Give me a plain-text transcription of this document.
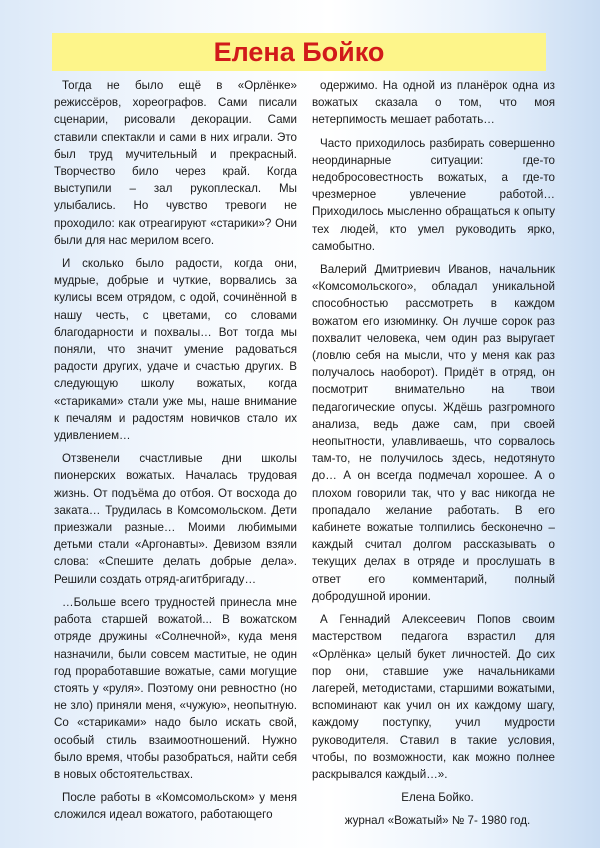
Елена Бойко

Тогда не было ещё в «Орлёнке» режиссёров, хореографов. Сами писали сценарии, рисовали декорации. Сами ставили спектакли и сами в них играли. Это был труд мучительный и прекрасный. Творчество било через край. Когда выступили – зал рукоплескал. Мы улыбались. Но чувство тревоги не проходило: как отреагируют «старики»? Они были для нас мерилом всего.

И сколько было радости, когда они, мудрые, добрые и чуткие, ворвались за кулисы всем отрядом, с одой, сочинённой в нашу честь, с цветами, со словами благодарности и похвалы… Вот тогда мы поняли, что значит умение радоваться радости других, удаче и счастью других. В следующую школу вожатых, когда «стариками» стали уже мы, наше внимание к печалям и радостям новичков стало их удивлением…

Отзвенели счастливые дни школы пионерских вожатых. Началась трудовая жизнь. От подъёма до отбоя. От восхода до заката… Трудилась в Комсомольском. Дети приезжали разные… Моими любимыми детьми стали «Аргонавты». Девизом взяли слова: «Спешите делать добрые дела». Решили создать отряд-агитбригаду…

…Больше всего трудностей принесла мне работа старшей вожатой... В вожатском отряде дружины «Солнечной», куда меня назначили, были совсем маститые, не один год проработавшие вожатые, сами могущие стоять у «руля». Поэтому они ревностно (но не зло) приняли меня, «чужую», неопытную. Со «стариками» надо было искать свой, особый стиль взаимоотношений. Нужно было время, чтобы разобраться, найти себя в новых обстоятельствах.

После работы в «Комсомольском» у меня сложился идеал вожатого, работающего

одержимо. На одной из планёрок одна из вожатых сказала о том, что моя нетерпимость мешает работать…

Часто приходилось разбирать совершенно неординарные ситуации: где-то недобросовестность вожатых, а где-то чрезмерное увлечение работой… Приходилось мысленно обращаться к опыту тех людей, кто умел руководить ярко, самобытно.

Валерий Дмитриевич Иванов, начальник «Комсомольского», обладал уникальной способностью рассмотреть в каждом вожатом его изюминку. Он лучше сорок раз похвалит человека, чем один раз выругает (ловлю себя на мысли, что у меня как раз получалось наоборот). Придёт в отряд, он посмотрит внимательно на твои педагогические опусы. Ждёшь разгромного анализа, ведь даже сам, при своей неопытности, улавливаешь, что сорвалось там-то, не получилось здесь, недотянуто до… А он всегда подмечал хорошее. А о плохом говорили так, что у вас никогда не пропадало желание работать. В его кабинете вожатые толпились бесконечно – каждый считал долгом рассказывать о текущих делах в отряде и прослушать в ответ его комментарий, полный добродушной иронии.

А Геннадий Алексеевич Попов своим мастерством педагога взрастил для «Орлёнка» целый букет личностей. До сих пор они, ставшие уже начальниками лагерей, методистами, старшими вожатыми, вспоминают как учил он их каждому шагу, каждому поступку, учил мудрости руководителя. Ставил в такие условия, чтобы, по возможности, как можно полнее раскрывался каждый…».

Елена Бойко.

журнал «Вожатый» № 7- 1980 год.
